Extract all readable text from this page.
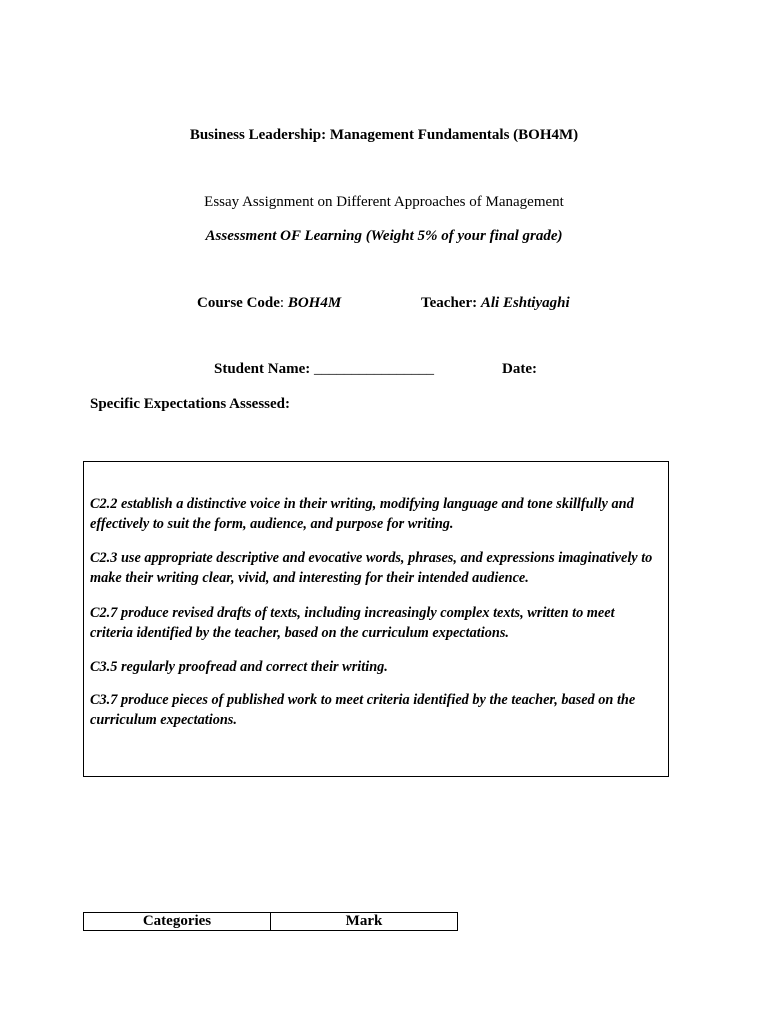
Business Leadership: Management Fundamentals (BOH4M)
Essay Assignment on Different Approaches of Management
Assessment OF Learning (Weight 5% of your final grade)
Course Code: BOH4M	Teacher: Ali Eshtiyaghi
Student Name: ________________	Date:
Specific Expectations Assessed:
C2.2 establish a distinctive voice in their writing, modifying language and tone skillfully and effectively to suit the form, audience, and purpose for writing.
C2.3 use appropriate descriptive and evocative words, phrases, and expressions imaginatively to make their writing clear, vivid, and interesting for their intended audience.
C2.7 produce revised drafts of texts, including increasingly complex texts, written to meet criteria identified by the teacher, based on the curriculum expectations.
C3.5 regularly proofread and correct their writing.
C3.7 produce pieces of published work to meet criteria identified by the teacher, based on the curriculum expectations.
Categories	Mark
